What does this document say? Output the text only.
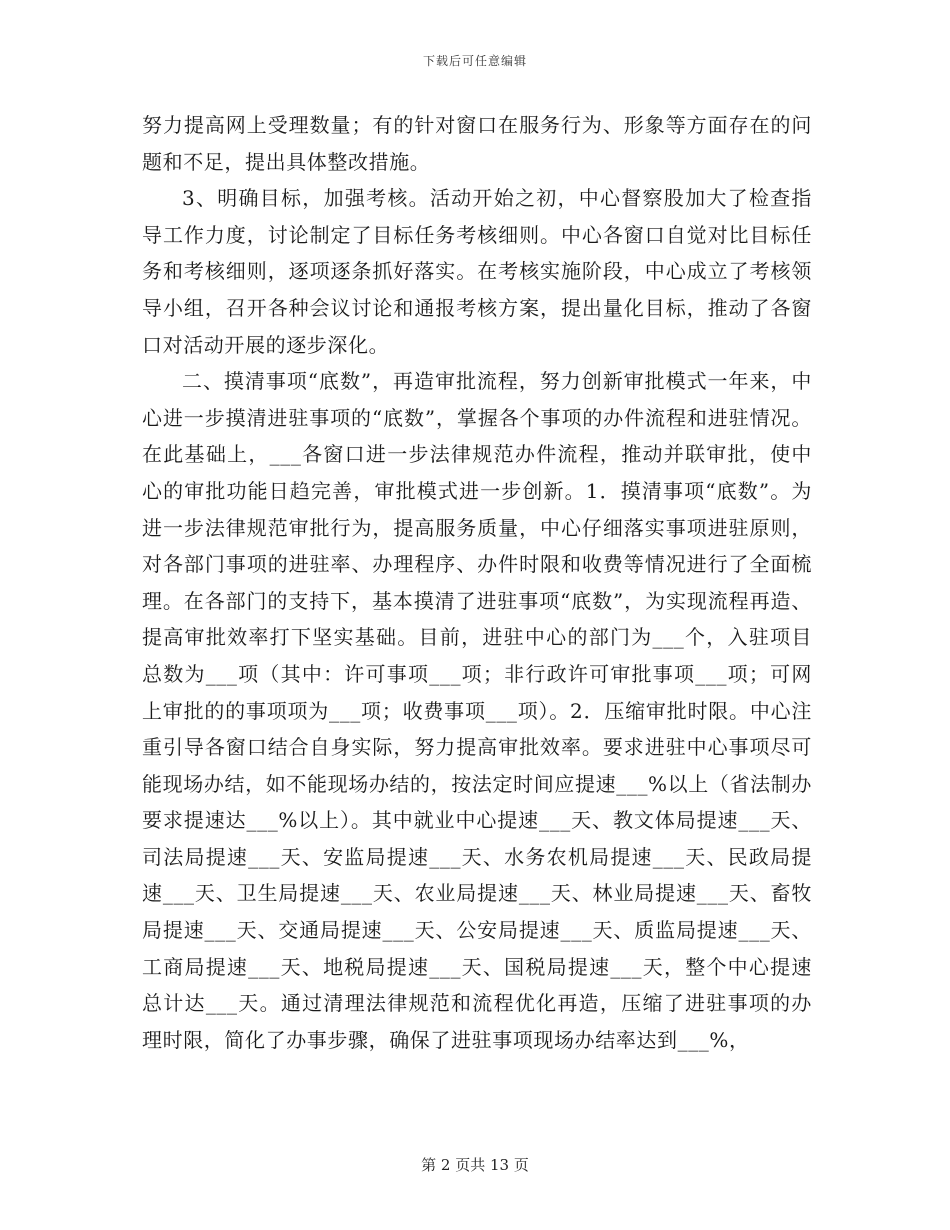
下载后可任意编辑

努力提高网上受理数量；有的针对窗口在服务行为、形象等方面存在的问题和不足，提出具体整改措施。

3、明确目标，加强考核。活动开始之初，中心督察股加大了检查指导工作力度，讨论制定了目标任务考核细则。中心各窗口自觉对比目标任务和考核细则，逐项逐条抓好落实。在考核实施阶段，中心成立了考核领导小组，召开各种会议讨论和通报考核方案，提出量化目标，推动了各窗口对活动开展的逐步深化。

二、摸清事项“底数”，再造审批流程，努力创新审批模式一年来，中心进一步摸清进驻事项的“底数”，掌握各个事项的办件流程和进驻情况。在此基础上，___各窗口进一步法律规范办件流程，推动并联审批，使中心的审批功能日趋完善，审批模式进一步创新。1．摸清事项“底数”。为进一步法律规范审批行为，提高服务质量，中心仔细落实事项进驻原则，对各部门事项的进驻率、办理程序、办件时限和收费等情况进行了全面梳理。在各部门的支持下，基本摸清了进驻事项“底数”，为实现流程再造、提高审批效率打下坚实基础。目前，进驻中心的部门为___个，入驻项目总数为___项（其中：许可事项___项；非行政许可审批事项___项；可网上审批的的事项项为___项；收费事项___项）。2．压缩审批时限。中心注重引导各窗口结合自身实际，努力提高审批效率。要求进驻中心事项尽可能现场办结，如不能现场办结的，按法定时间应提速___%以上（省法制办要求提速达___%以上）。其中就业中心提速___天、教文体局提速___天、司法局提速___天、安监局提速___天、水务农机局提速___天、民政局提速___天、卫生局提速___天、农业局提速___天、林业局提速___天、畜牧局提速___天、交通局提速___天、公安局提速___天、质监局提速___天、工商局提速___天、地税局提速___天、国税局提速___天，整个中心提速总计达___天。通过清理法律规范和流程优化再造，压缩了进驻事项的办理时限，简化了办事步骤，确保了进驻事项现场办结率达到___%，

第 2 页共 13 页
